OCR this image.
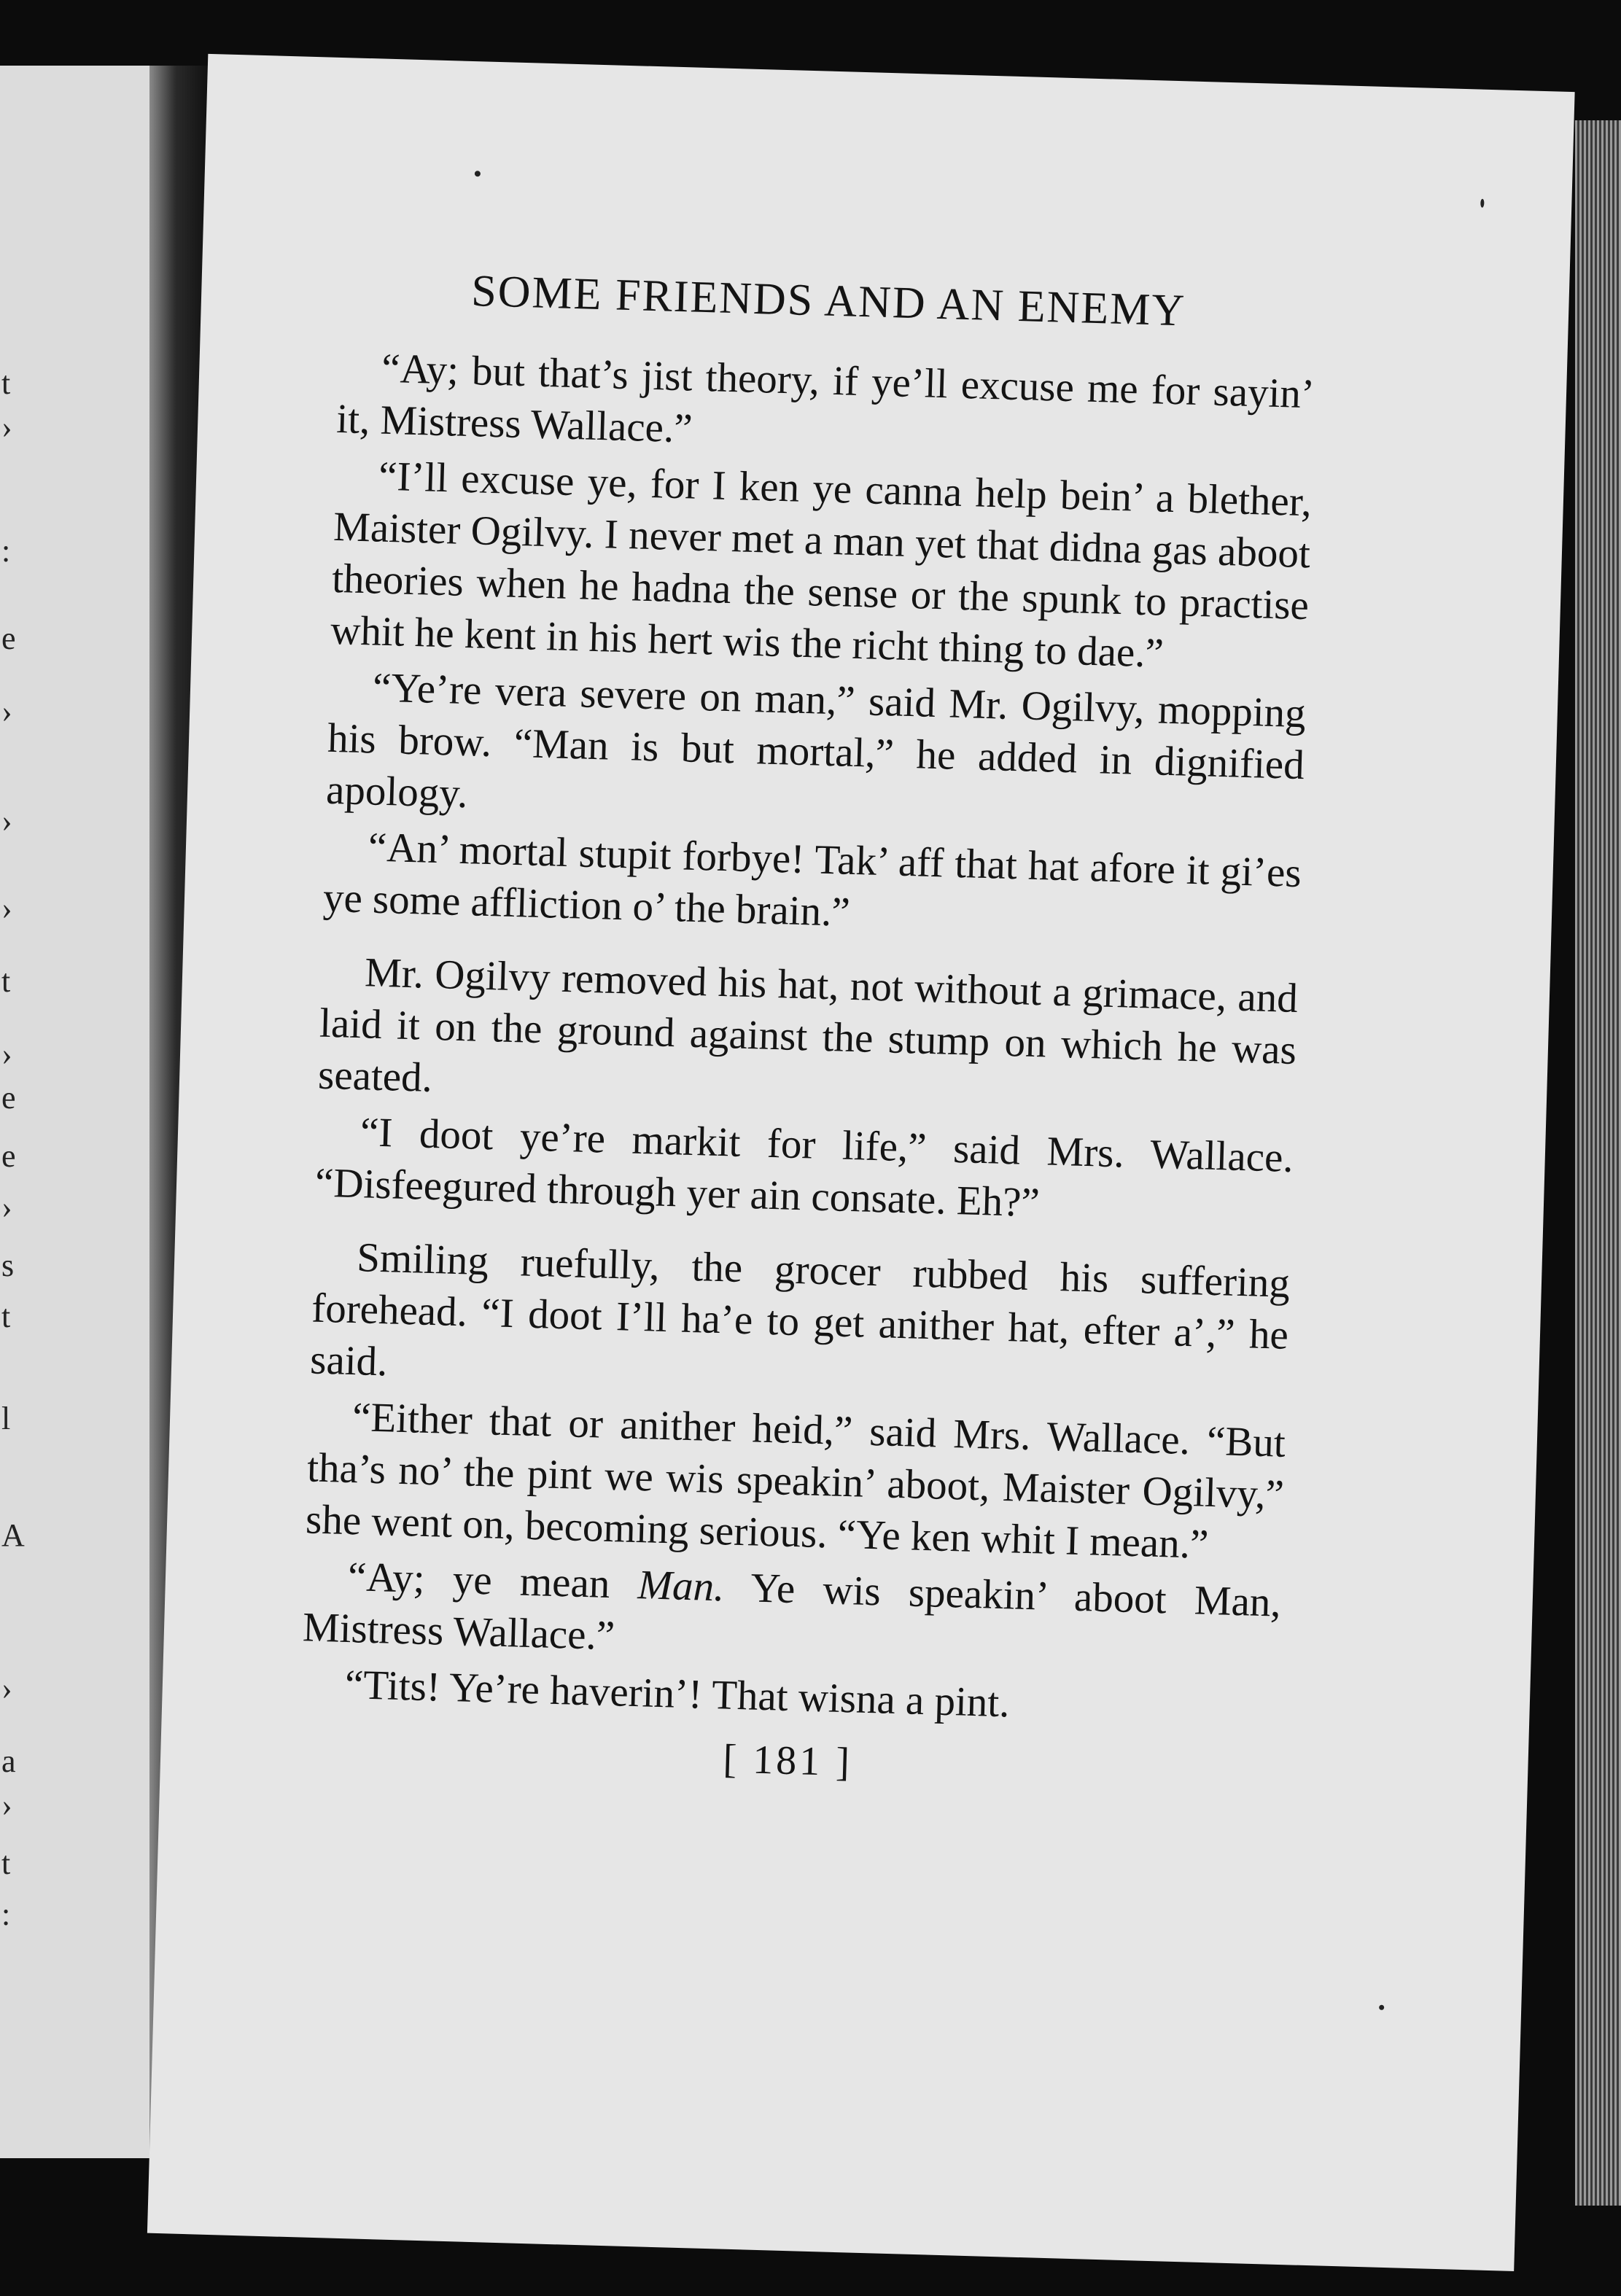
t
›
:
e
›
›
›
t
›
e
e
›
s
t
l
A
›
a
›
t
:
SOME FRIENDS AND AN ENEMY

“Ay; but that’s jist theory, if ye’ll excuse me for sayin’ it, Mistress Wallace.”

“I’ll excuse ye, for I ken ye canna help bein’ a blether, Maister Ogilvy. I never met a man yet that didna gas aboot theories when he hadna the sense or the spunk to practise whit he kent in his hert wis the richt thing to dae.”

“Ye’re vera severe on man,” said Mr. Ogilvy, mopping his brow. “Man is but mortal,” he added in dignified apology.

“An’ mortal stupit forbye! Tak’ aff that hat afore it gi’es ye some affliction o’ the brain.”

Mr. Ogilvy removed his hat, not without a grimace, and laid it on the ground against the stump on which he was seated.

“I doot ye’re markit for life,” said Mrs. Wallace. “Disfeegured through yer ain consate. Eh?”

Smiling ruefully, the grocer rubbed his suffering forehead. “I doot I’ll ha’e to get anither hat, efter a’,” he said.

“Either that or anither heid,” said Mrs. Wallace. “But tha’s no’ the pint we wis speakin’ aboot, Maister Ogilvy,” she went on, becoming serious. “Ye ken whit I mean.”

“Ay; ye mean Man. Ye wis speakin’ aboot Man, Mistress Wallace.”

“Tits! Ye’re haverin’! That wisna a pint.

[ 181 ]
